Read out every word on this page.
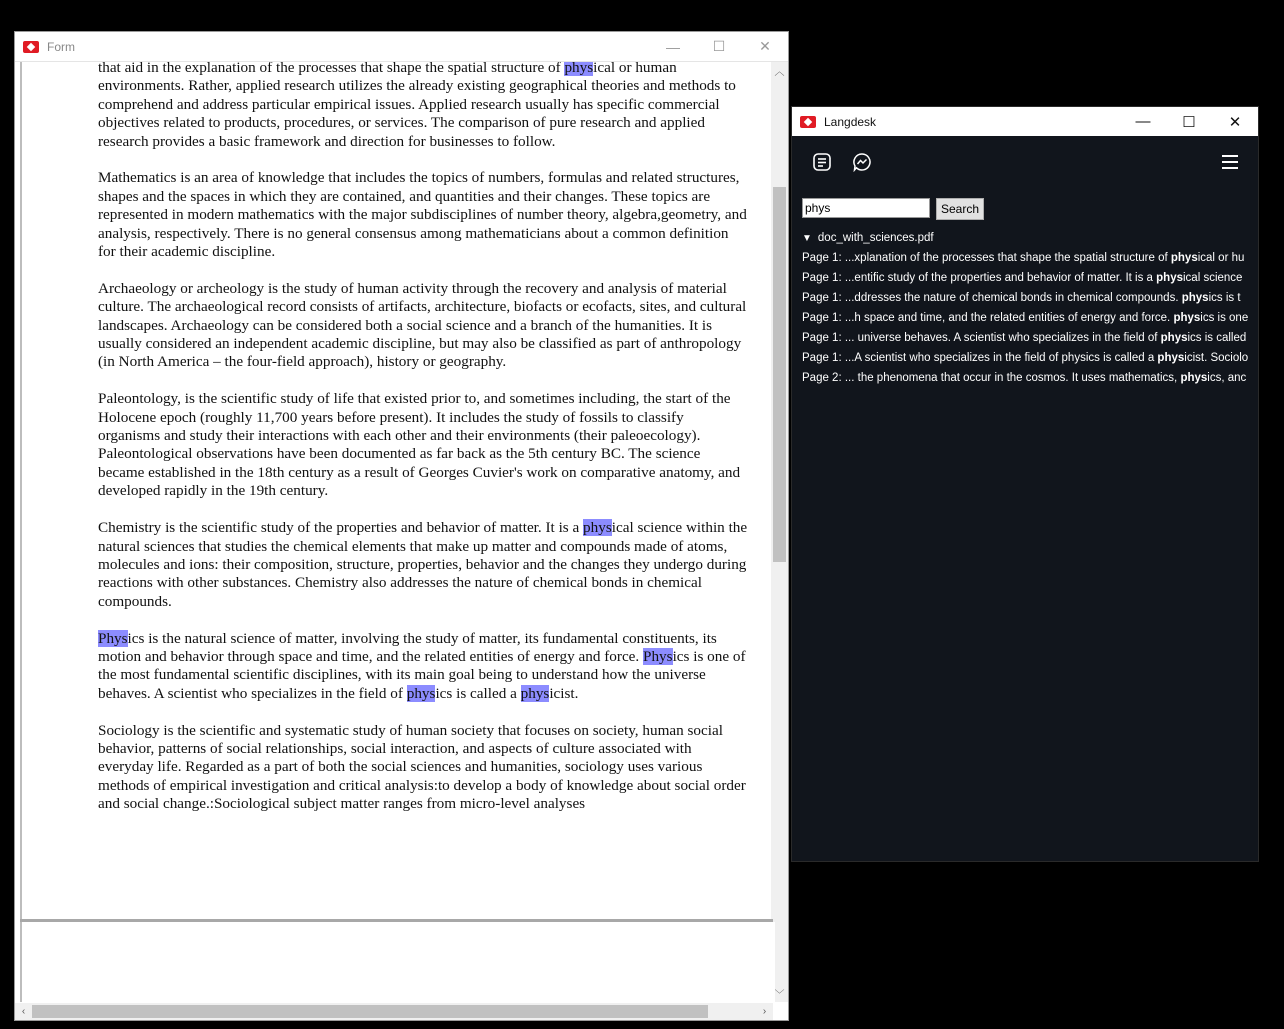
Form	— ☐ ✕

that aid in the explanation of the processes that shape the spatial structure of physical or human environments. Rather, applied research utilizes the already existing geographical theories and methods to comprehend and address particular empirical issues. Applied research usually has specific commercial objectives related to products, procedures, or services. The comparison of pure research and applied research provides a basic framework and direction for businesses to follow.

Mathematics is an area of knowledge that includes the topics of numbers, formulas and related structures, shapes and the spaces in which they are contained, and quantities and their changes. These topics are represented in modern mathematics with the major subdisciplines of number theory, algebra,geometry, and analysis, respectively. There is no general consensus among mathematicians about a common definition for their academic discipline.

Archaeology or archeology is the study of human activity through the recovery and analysis of material culture. The archaeological record consists of artifacts, architecture, biofacts or ecofacts, sites, and cultural landscapes. Archaeology can be considered both a social science and a branch of the humanities. It is usually considered an independent academic discipline, but may also be classified as part of anthropology (in North America – the four-field approach), history or geography.

Paleontology, is the scientific study of life that existed prior to, and sometimes including, the start of the Holocene epoch (roughly 11,700 years before present). It includes the study of fossils to classify organisms and study their interactions with each other and their environments (their paleoecology). Paleontological observations have been documented as far back as the 5th century BC. The science became established in the 18th century as a result of Georges Cuvier's work on comparative anatomy, and developed rapidly in the 19th century.

Chemistry is the scientific study of the properties and behavior of matter. It is a physical science within the natural sciences that studies the chemical elements that make up matter and compounds made of atoms, molecules and ions: their composition, structure, properties, behavior and the changes they undergo during reactions with other substances. Chemistry also addresses the nature of chemical bonds in chemical compounds.

Physics is the natural science of matter, involving the study of matter, its fundamental constituents, its motion and behavior through space and time, and the related entities of energy and force. Physics is one of the most fundamental scientific disciplines, with its main goal being to understand how the universe behaves. A scientist who specializes in the field of physics is called a physicist.

Sociology is the scientific and systematic study of human society that focuses on society, human social behavior, patterns of social relationships, social interaction, and aspects of culture associated with everyday life. Regarded as a part of both the social sciences and humanities, sociology uses various methods of empirical investigation and critical analysis:to develop a body of knowledge about social order and social change.:Sociological subject matter ranges from micro-level analyses

︿
﹀
‹	›
Langdesk	— ☐ ✕
phys
Search
▼ doc_with_sciences.pdf
Page 1: ...xplanation of the processes that shape the spatial structure of physical or hu
Page 1: ...entific study of the properties and behavior of matter. It is a physical science
Page 1: ...ddresses the nature of chemical bonds in chemical compounds. physics is t
Page 1: ...h space and time, and the related entities of energy and force. physics is one
Page 1: ... universe behaves. A scientist who specializes in the field of physics is called
Page 1: ...A scientist who specializes in the field of physics is called a physicist. Sociolo
Page 2: ... the phenomena that occur in the cosmos. It uses mathematics, physics, anc
